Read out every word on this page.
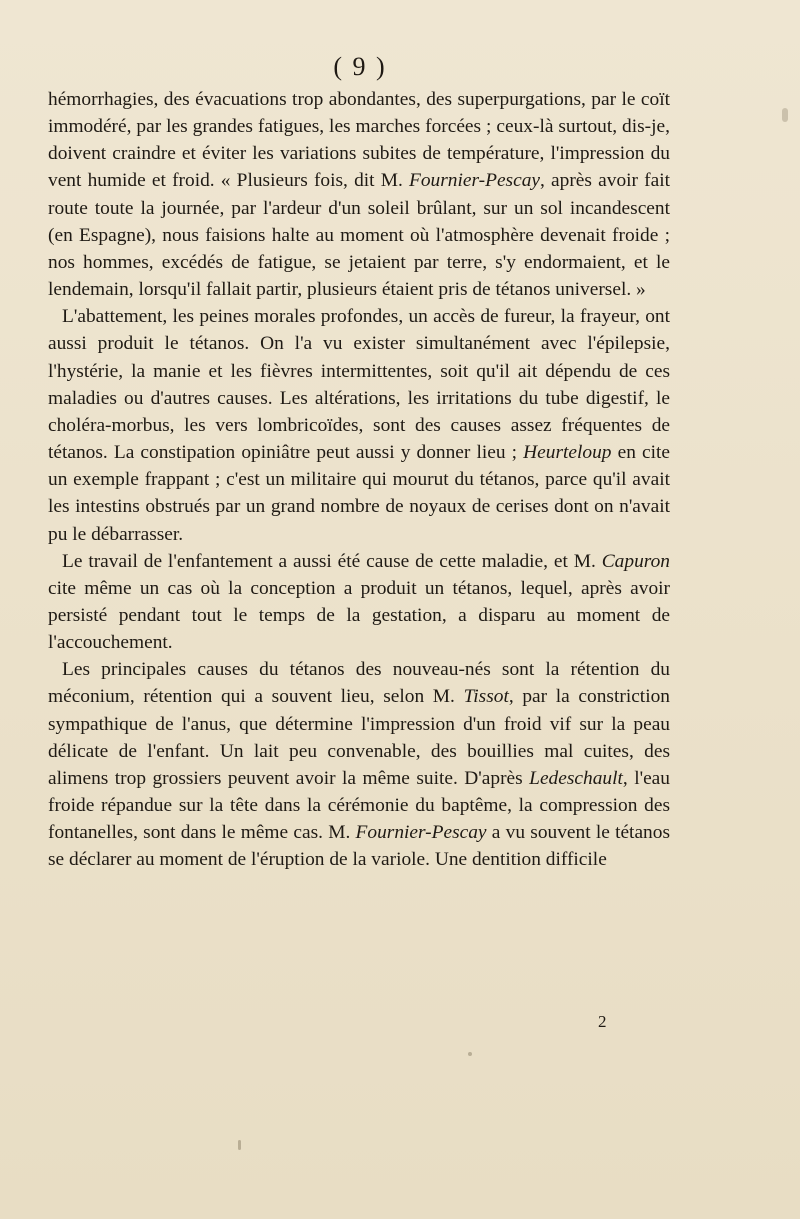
( 9 )

hémorrhagies, des évacuations trop abondantes, des superpurgations, par le coït immodéré, par les grandes fatigues, les marches forcées ; ceux-là surtout, dis-je, doivent craindre et éviter les variations subites de température, l'impression du vent humide et froid. « Plusieurs fois, dit M. Fournier-Pescay, après avoir fait route toute la journée, par l'ardeur d'un soleil brûlant, sur un sol incandescent (en Espagne), nous faisions halte au moment où l'atmosphère devenait froide ; nos hommes, excédés de fatigue, se jetaient par terre, s'y endormaient, et le lendemain, lorsqu'il fallait partir, plusieurs étaient pris de tétanos universel. »

L'abattement, les peines morales profondes, un accès de fureur, la frayeur, ont aussi produit le tétanos. On l'a vu exister simultanément avec l'épilepsie, l'hystérie, la manie et les fièvres intermittentes, soit qu'il ait dépendu de ces maladies ou d'autres causes. Les altérations, les irritations du tube digestif, le choléra-morbus, les vers lombricoïdes, sont des causes assez fréquentes de tétanos. La constipation opiniâtre peut aussi y donner lieu ; Heurteloup en cite un exemple frappant ; c'est un militaire qui mourut du tétanos, parce qu'il avait les intestins obstrués par un grand nombre de noyaux de cerises dont on n'avait pu le débarrasser.

Le travail de l'enfantement a aussi été cause de cette maladie, et M. Capuron cite même un cas où la conception a produit un tétanos, lequel, après avoir persisté pendant tout le temps de la gestation, a disparu au moment de l'accouchement.

Les principales causes du tétanos des nouveau-nés sont la rétention du méconium, rétention qui a souvent lieu, selon M. Tissot, par la constriction sympathique de l'anus, que détermine l'impression d'un froid vif sur la peau délicate de l'enfant. Un lait peu convenable, des bouillies mal cuites, des alimens trop grossiers peuvent avoir la même suite. D'après Ledeschault, l'eau froide répandue sur la tête dans la cérémonie du baptême, la compression des fontanelles, sont dans le même cas. M. Fournier-Pescay a vu souvent le tétanos se déclarer au moment de l'éruption de la variole. Une dentition difficile

2
